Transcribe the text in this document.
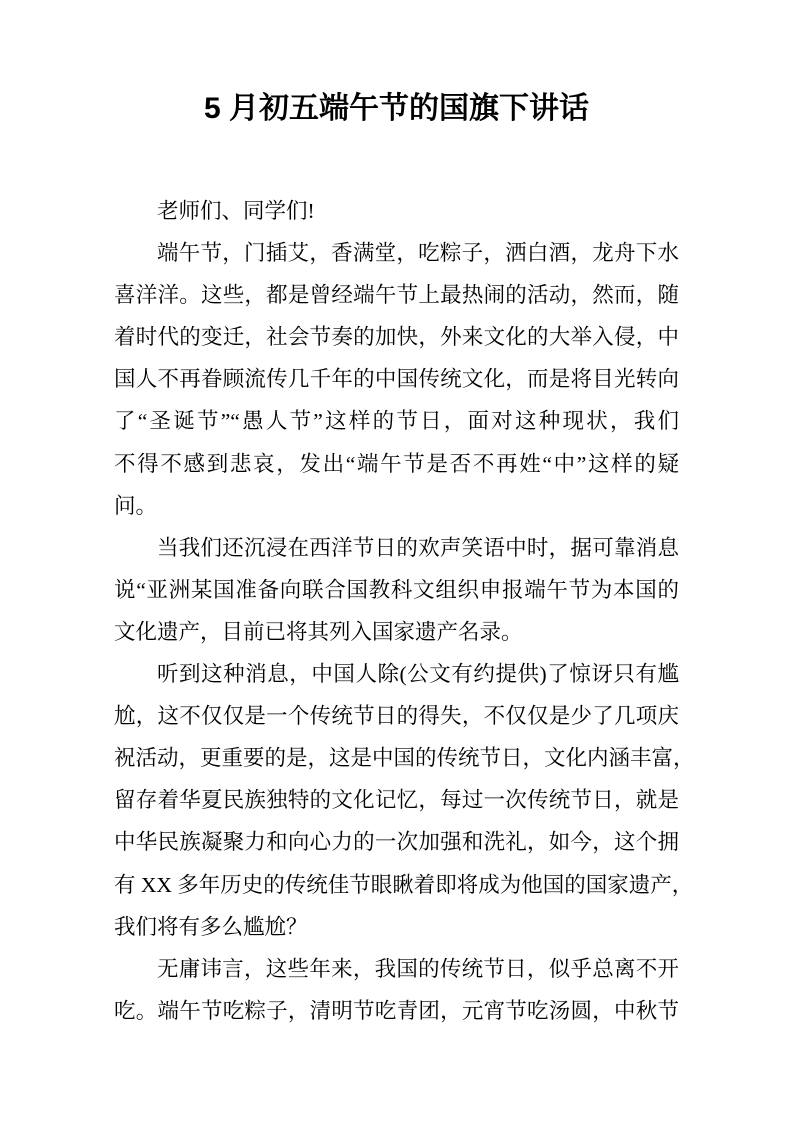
5 月初五端午节的国旗下讲话
老师们、同学们!
端午节，门插艾，香满堂，吃粽子，洒白酒，龙舟下水
喜洋洋。这些，都是曾经端午节上最热闹的活动，然而，随
着时代的变迁，社会节奏的加快，外来文化的大举入侵，中
国人不再眷顾流传几千年的中国传统文化，而是将目光转向
了“圣诞节”“愚人节”这样的节日，面对这种现状，我们
不得不感到悲哀，发出“端午节是否不再姓“中”这样的疑
问。
当我们还沉浸在西洋节日的欢声笑语中时，据可靠消息
说“亚洲某国准备向联合国教科文组织申报端午节为本国的
文化遗产，目前已将其列入国家遗产名录。
听到这种消息，中国人除(公文有约提供)了惊讶只有尴
尬，这不仅仅是一个传统节日的得失，不仅仅是少了几项庆
祝活动，更重要的是，这是中国的传统节日，文化内涵丰富，
留存着华夏民族独特的文化记忆，每过一次传统节日，就是
中华民族凝聚力和向心力的一次加强和洗礼，如今，这个拥
有 XX 多年历史的传统佳节眼瞅着即将成为他国的国家遗产，
我们将有多么尴尬？
无庸讳言，这些年来，我国的传统节日，似乎总离不开
吃。端午节吃粽子，清明节吃青团，元宵节吃汤圆，中秋节
